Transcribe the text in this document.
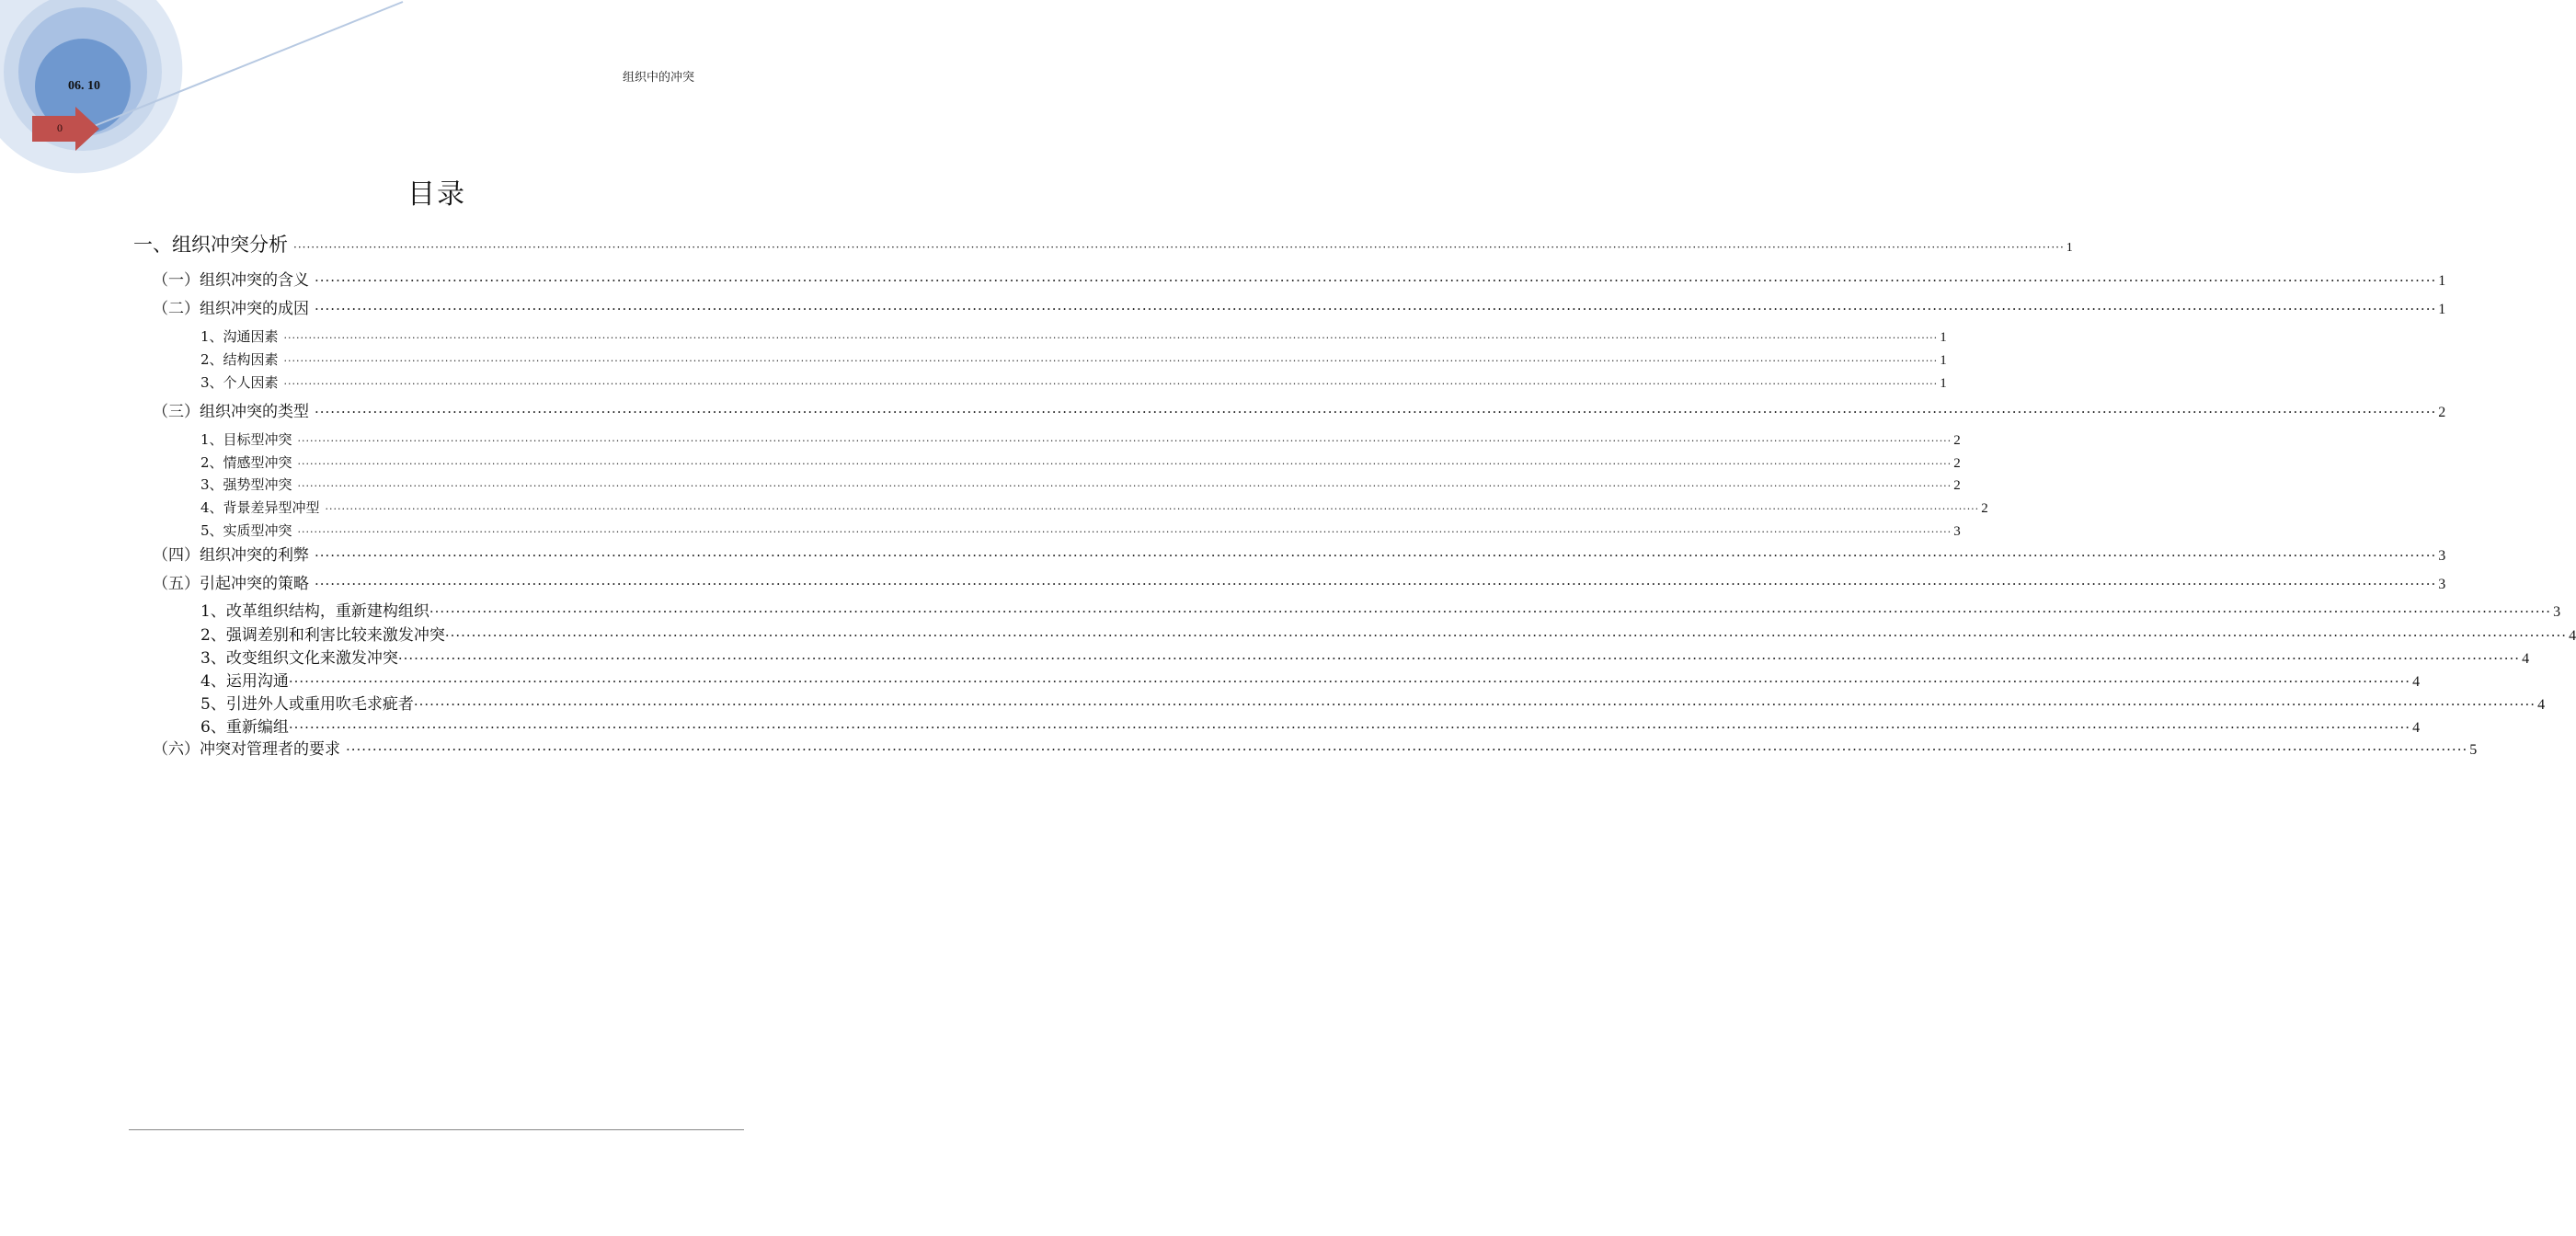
06. 10
0
组织中的冲突
目录
一、组织冲突分析 ················································································································································································································································································································································································································ 1
（一）组织冲突的含义 ················································································································································································································································································································································································································ 1
（二）组织冲突的成因 ················································································································································································································································································································································································································ 1
1、沟通因素 ················································································································································································································································································································································································································ 1
2、结构因素 ················································································································································································································································································································································································································ 1
3、个人因素 ················································································································································································································································································································································································································ 1
（三）组织冲突的类型 ················································································································································································································································································································································································································ 2
1、目标型冲突 ················································································································································································································································································································································································································ 2
2、情感型冲突 ················································································································································································································································································································································································································ 2
3、强势型冲突 ················································································································································································································································································································································································································ 2
4、背景差异型冲型 ················································································································································································································································································································································································································ 2
5、实质型冲突 ················································································································································································································································································································································································································ 3
（四）组织冲突的利弊 ················································································································································································································································································································································································································ 3
（五）引起冲突的策略 ················································································································································································································································································································································································································ 3
1、改革组织结构，重新建构组织 ················································································································································································································································································································································································································ 3
2、强调差别和利害比较来激发冲突 ················································································································································································································································································································································································································ 4
3、改变组织文化来激发冲突 ················································································································································································································································································································································································································ 4
4、运用沟通 ················································································································································································································································································································································································································ 4
5、引进外人或重用吹毛求疵者 ················································································································································································································································································································································································································ 4
6、重新编组 ················································································································································································································································································································································································································ 4
（六）冲突对管理者的要求 ················································································································································································································································································································································································································ 5
